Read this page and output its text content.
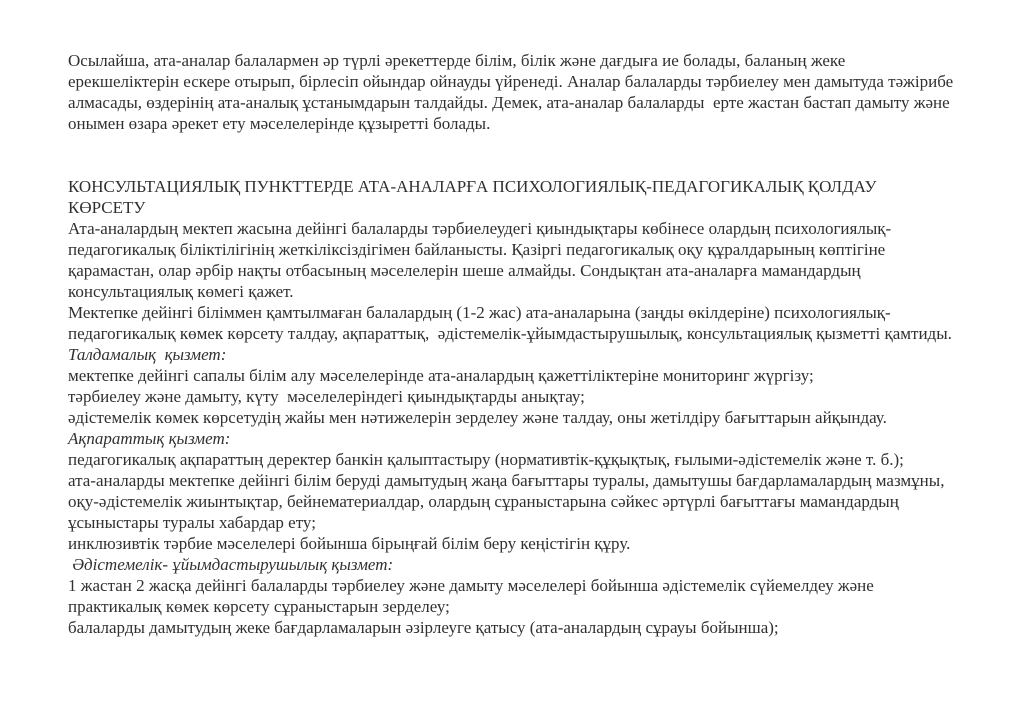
Осылайша, ата-аналар балалармен әр түрлі әрекеттерде білім, білік және дағдыға ие болады, баланың жеке ерекшеліктерін ескере отырып, бірлесіп ойындар ойнауды үйренеді. Аналар балаларды тәрбиелеу мен дамытуда тәжірибе алмасады, өздерінің ата-аналық ұстанымдарын талдайды. Демек, ата-аналар балаларды  ерте жастан бастап дамыту және онымен өзара әрекет ету мәселелерінде құзыретті болады.

КОНСУЛЬТАЦИЯЛЫҚ ПУНКТТЕРДЕ АТА-АНАЛАРҒА ПСИХОЛОГИЯЛЫҚ-ПЕДАГОГИКАЛЫҚ ҚОЛДАУ КӨРСЕТУ

Ата-аналардың мектеп жасына дейінгі балаларды тәрбиелеудегі қиындықтары көбінесе олардың психологиялық-педагогикалық біліктілігінің жеткіліксіздігімен байланысты. Қазіргі педагогикалық оқу құралдарының көптігіне қарамастан, олар әрбір нақты отбасының мәселелерін шеше алмайды. Сондықтан ата-аналарға мамандардың консультациялық көмегі қажет.

Мектепке дейінгі біліммен қамтылмаған балалардың (1-2 жас) ата-аналарына (заңды өкілдеріне) психологиялық-педагогикалық көмек көрсету талдау, ақпараттық,  әдістемелік-ұйымдастырушылық, консультациялық қызметті қамтиды.

Талдамалық  қызмет:

мектепке дейінгі сапалы білім алу мәселелерінде ата-аналардың қажеттіліктеріне мониторинг жүргізу;

тәрбиелеу және дамыту, күту  мәселелеріндегі қиындықтарды анықтау;

әдістемелік көмек көрсетудің жайы мен нәтижелерін зерделеу және талдау, оны жетілдіру бағыттарын айқындау.

Ақпараттық қызмет:

педагогикалық ақпараттың деректер банкін қалыптастыру (нормативтік-құқықтық, ғылыми-әдістемелік және т. б.);

ата-аналарды мектепке дейінгі білім беруді дамытудың жаңа бағыттары туралы, дамытушы бағдарламалардың мазмұны, оқу-әдістемелік жиынтықтар, бейнематериалдар, олардың сұраныстарына сәйкес әртүрлі бағыттағы мамандардың ұсыныстары туралы хабардар ету;

инклюзивтік тәрбие мәселелері бойынша бірыңғай білім беру кеңістігін құру.

Әдістемелік- ұйымдастырушылық қызмет:

1 жастан 2 жасқа дейінгі балаларды тәрбиелеу және дамыту мәселелері бойынша әдістемелік сүйемелдеу және практикалық көмек көрсету сұраныстарын зерделеу;

балаларды дамытудың жеке бағдарламаларын әзірлеуге қатысу (ата-аналардың сұрауы бойынша);
